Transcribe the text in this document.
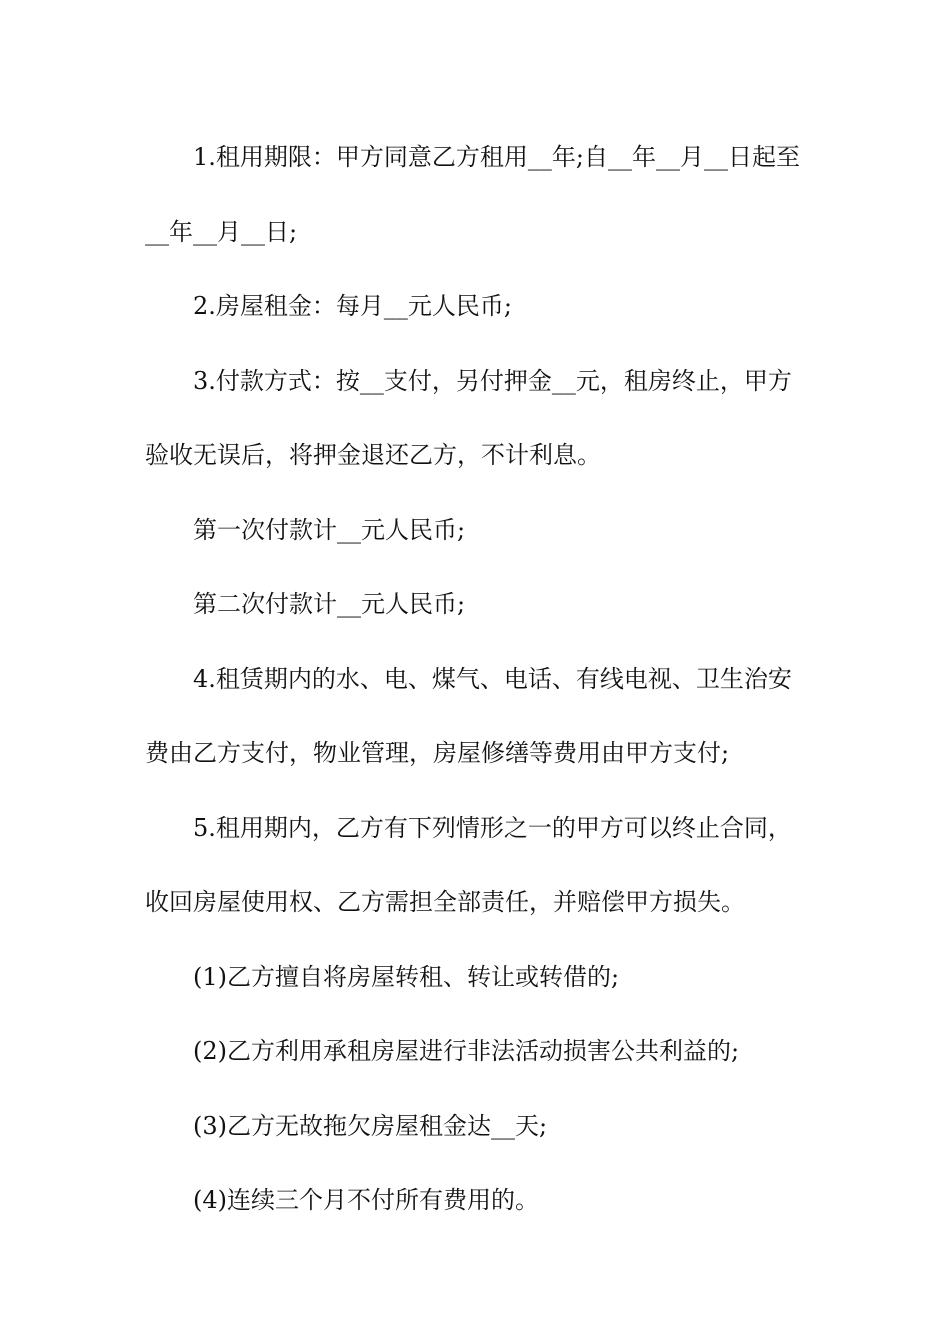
1.租用期限：甲方同意乙方租用__年;自__年__月__日起至
__年__月__日;

2.房屋租金：每月__元人民币;

3.付款方式：按__支付，另付押金__元，租房终止，甲方
验收无误后，将押金退还乙方，不计利息。

第一次付款计__元人民币;

第二次付款计__元人民币;

4.租赁期内的水、电、煤气、电话、有线电视、卫生治安
费由乙方支付，物业管理，房屋修缮等费用由甲方支付;

5.租用期内，乙方有下列情形之一的甲方可以终止合同，
收回房屋使用权、乙方需担全部责任，并赔偿甲方损失。

(1)乙方擅自将房屋转租、转让或转借的;

(2)乙方利用承租房屋进行非法活动损害公共利益的;

(3)乙方无故拖欠房屋租金达__天;

(4)连续三个月不付所有费用的。
